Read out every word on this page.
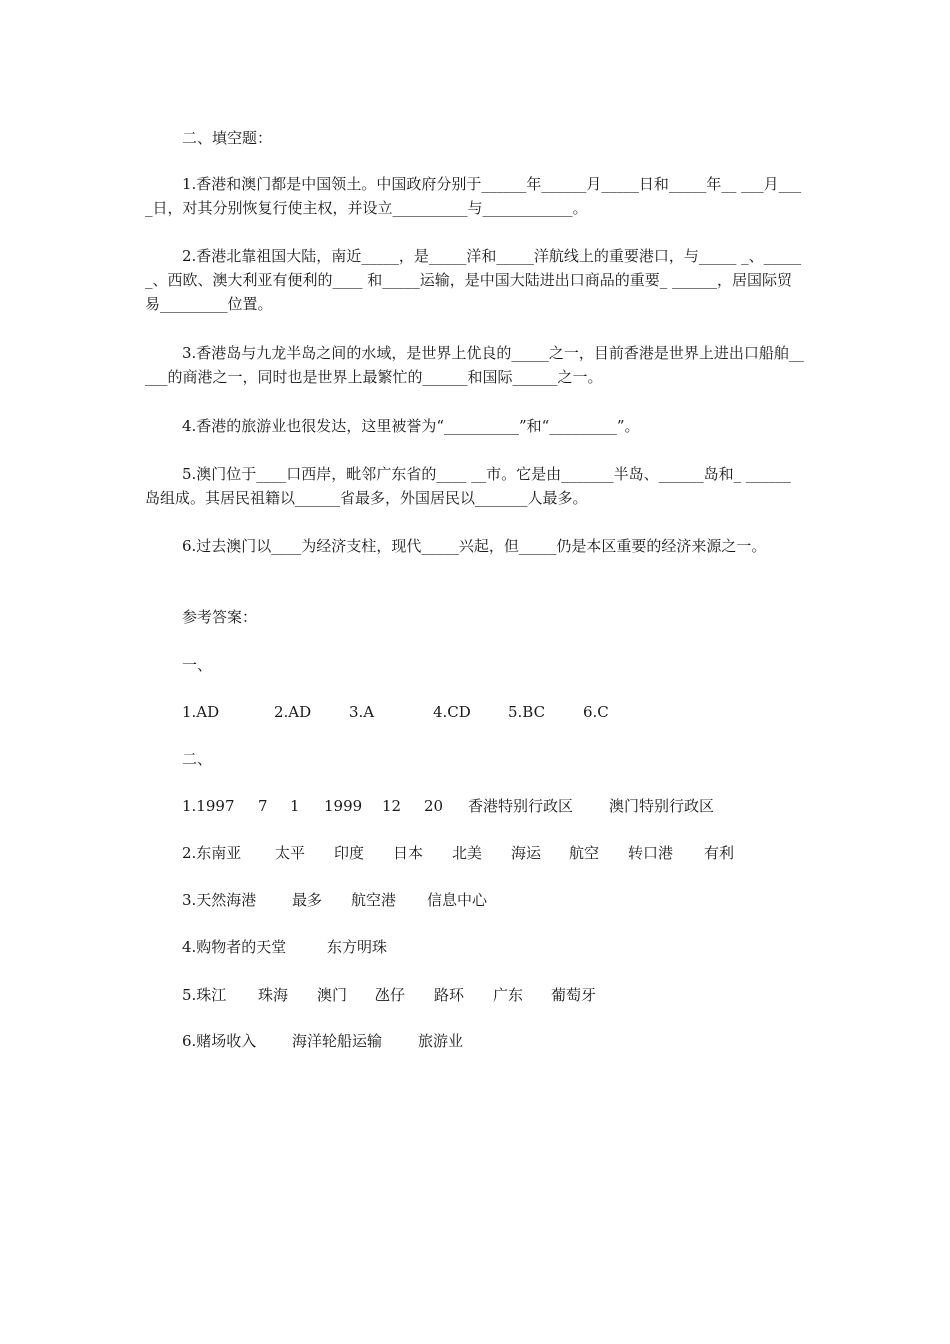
二、填空题：

1.香港和澳门都是中国领土。中国政府分别于______年______月_____日和_____年__ ___月____日，对其分别恢复行使主权，并设立__________与____________。

2.香港北靠祖国大陆，南近_____，是_____洋和_____洋航线上的重要港口，与_____ _、______、西欧、澳大利亚有便利的____ 和_____运输，是中国大陆进出口商品的重要_ ______，居国际贸易_________位置。

3.香港岛与九龙半岛之间的水域，是世界上优良的_____之一，目前香港是世界上进出口船舶_____的商港之一，同时也是世界上最繁忙的______和国际______之一。

4.香港的旅游业也很发达，这里被誉为“__________”和“_________”。

5.澳门位于____口西岸，毗邻广东省的____ __市。它是由_______半岛、______岛和_ ______岛组成。其居民祖籍以______省最多，外国居民以_______人最多。

6.过去澳门以____为经济支柱，现代_____兴起，但_____仍是本区重要的经济来源之一。

参考答案：

一、

1.AD	2.AD	3.A	4.CD	5.BC	6.C

二、

1.1997	7	1	1999	12	20	香港特别行政区	澳门特别行政区
2.东南亚	太平	印度	日本	北美	海运	航空	转口港	有利
3.天然海港	最多	航空港	信息中心
4.购物者的天堂	东方明珠
5.珠江	珠海	澳门	氹仔	路环	广东	葡萄牙
6.赌场收入	海洋轮船运输	旅游业
